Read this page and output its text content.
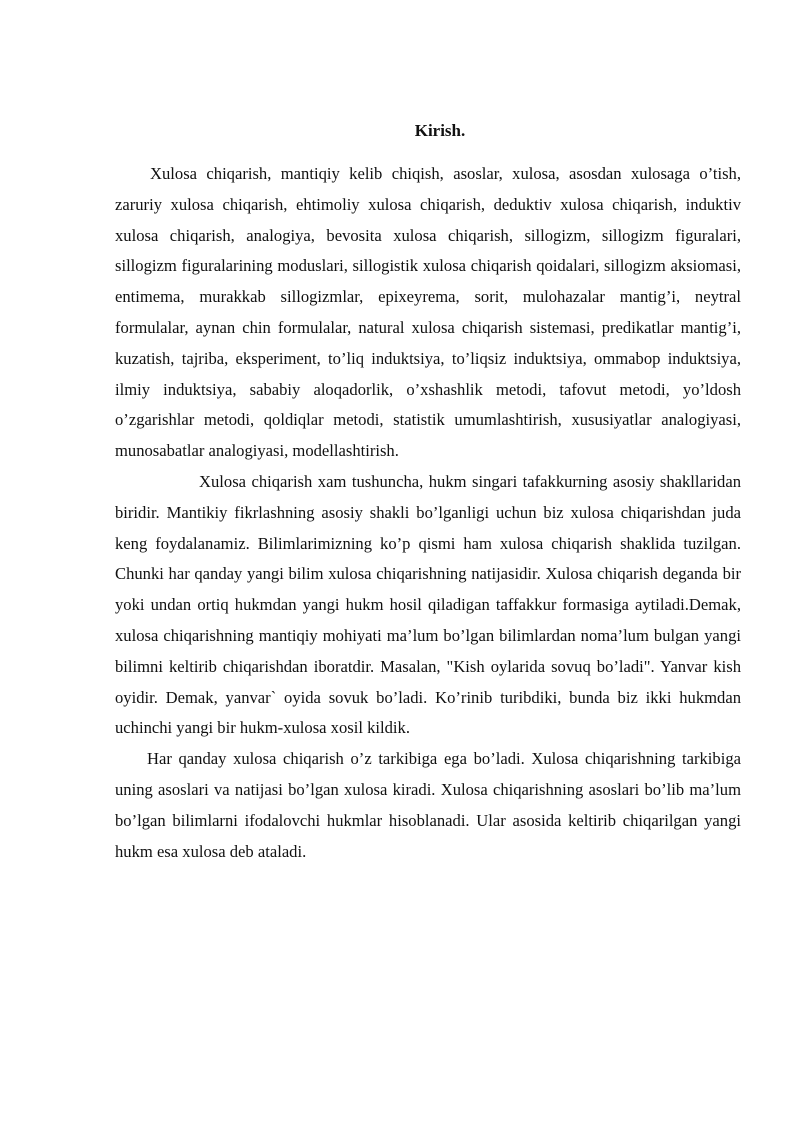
Kirish.

Xulosa chiqarish, mantiqiy kelib chiqish, asoslar, xulosa, asosdan xulosaga o’tish, zaruriy xulosa chiqarish, ehtimoliy xulosa chiqarish, deduktiv xulosa chiqarish, induktiv xulosa chiqarish, analogiya, bevosita xulosa chiqarish, sillogizm, sillogizm figuralari, sillogizm figuralarining moduslari, sillogistik xulosa chiqarish qoidalari, sillogizm aksiomasi, entimema, murakkab sillogizmlar, epixeyrema, sorit, mulohazalar mantig’i, neytral formulalar, aynan chin formulalar, natural xulosa chiqarish sistemasi, predikatlar mantig’i, kuzatish, tajriba, eksperiment, to’liq induktsiya, to’liqsiz induktsiya, ommabop induktsiya, ilmiy induktsiya, sababiy aloqadorlik, o’xshashlik metodi, tafovut metodi, yo’ldosh o’zgarishlar metodi, qoldiqlar metodi, statistik umumlashtirish, xususiyatlar analogiyasi, munosabatlar analogiyasi, modellashtirish.

Xulosa chiqarish xam tushuncha, hukm singari tafakkurning asosiy shakllaridan biridir. Mantikiy fikrlashning asosiy shakli bo’lganligi uchun biz xulosa chiqarishdan juda keng foydalanamiz. Bilimlarimizning ko’p qismi ham xulosa chiqarish shaklida tuzilgan. Chunki har qanday yangi bilim xulosa chiqarishning natijasidir. Xulosa chiqarish deganda bir yoki undan ortiq hukmdan yangi hukm hosil qiladigan taffakkur formasiga aytiladi.Demak, xulosa chiqarishning mantiqiy mohiyati ma’lum bo’lgan bilimlardan noma’lum bulgan yangi bilimni keltirib chiqarishdan iboratdir. Masalan, "Kish oylarida sovuq bo’ladi". Yanvar kish oyidir. Demak, yanvar` oyida sovuk bo’ladi. Ko’rinib turibdiki, bunda biz ikki hukmdan uchinchi yangi bir hukm-xulosa xosil kildik.

Har qanday xulosa chiqarish o’z tarkibiga ega bo’ladi. Xulosa chiqarishning tarkibiga uning asoslari va natijasi bo’lgan xulosa kiradi. Xulosa chiqarishning asoslari bo’lib ma’lum bo’lgan bilimlarni ifodalovchi hukmlar hisoblanadi. Ular asosida keltirib chiqarilgan yangi hukm esa xulosa deb ataladi.
